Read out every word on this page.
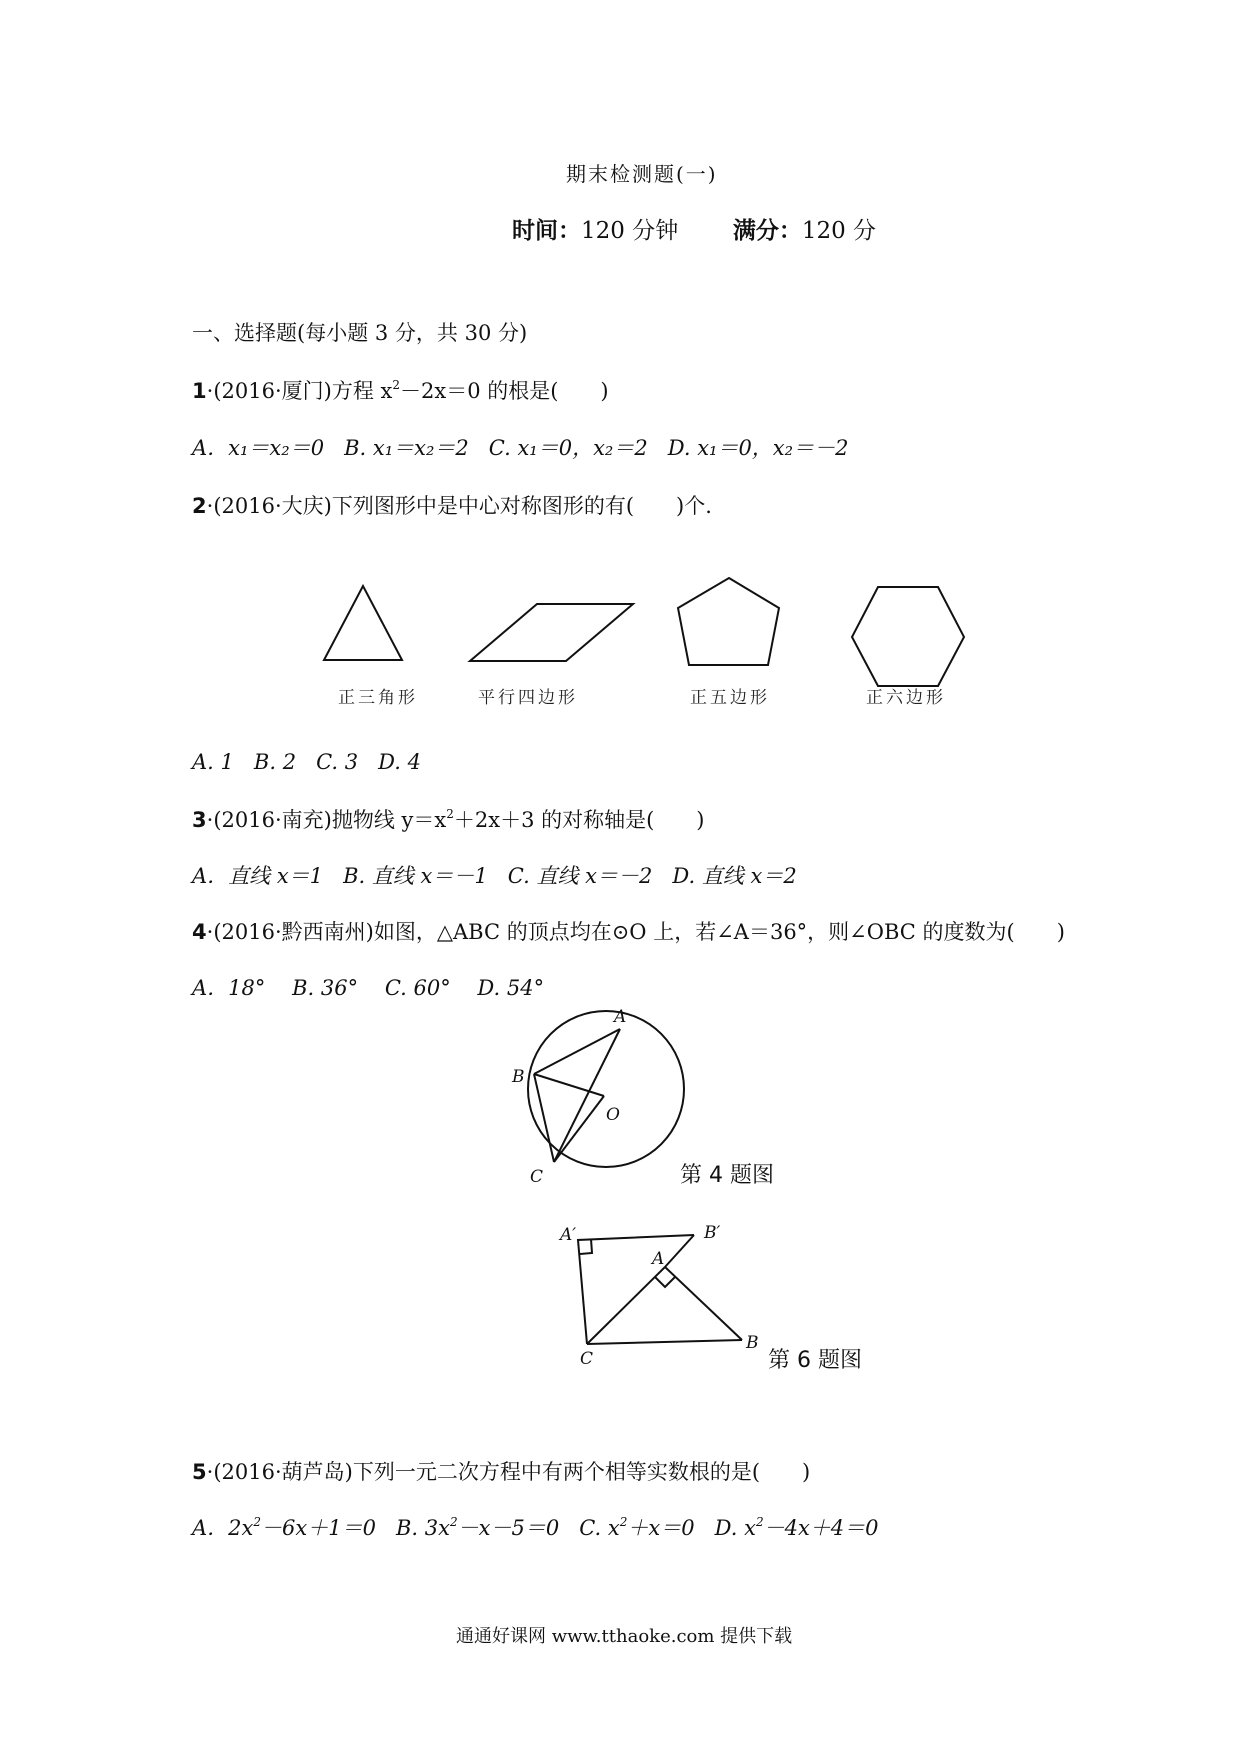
期末检测题(一)
时间：120 分钟 满分：120 分
一、选择题(每小题 3 分，共 30 分)
1·(2016·厦门)方程 $x^2-2x=0$ 的根是(　　)
A．x₁＝x₂＝0 B. x₁＝x₂＝2 C. x₁＝0，x₂＝2 D. x₁＝0，x₂＝－2
2·(2016·大庆)下列图形中是中心对称图形的有(　　)个.
正三角形	平行四边形	正五边形	正六边形
A. 1 B. 2 C. 3 D. 4
3·(2016·南充)抛物线 $y=x^2+2x+3$ 的对称轴是(　　)
A．直线 x＝1 B. 直线 x＝－1 C. 直线 x＝－2 D. 直线 x＝2
4·(2016·黔西南州)如图，△ABC 的顶点均在⊙O 上，若∠A＝36°，则∠OBC 的度数为(　　)
A．18° B. 36° C. 60° D. 54°
A
B
C
O
第 4 题图
A′	B′
A
B
C	第 6 题图
5·(2016·葫芦岛)下列一元二次方程中有两个相等实数根的是(　　)
A．$2x^2-6x+1=0$ B. $3x^2-x-5=0$ C. $x^2+x=0$ D. $x^2-4x+4=0$
通通好课网 www.tthaoke.com 提供下载
